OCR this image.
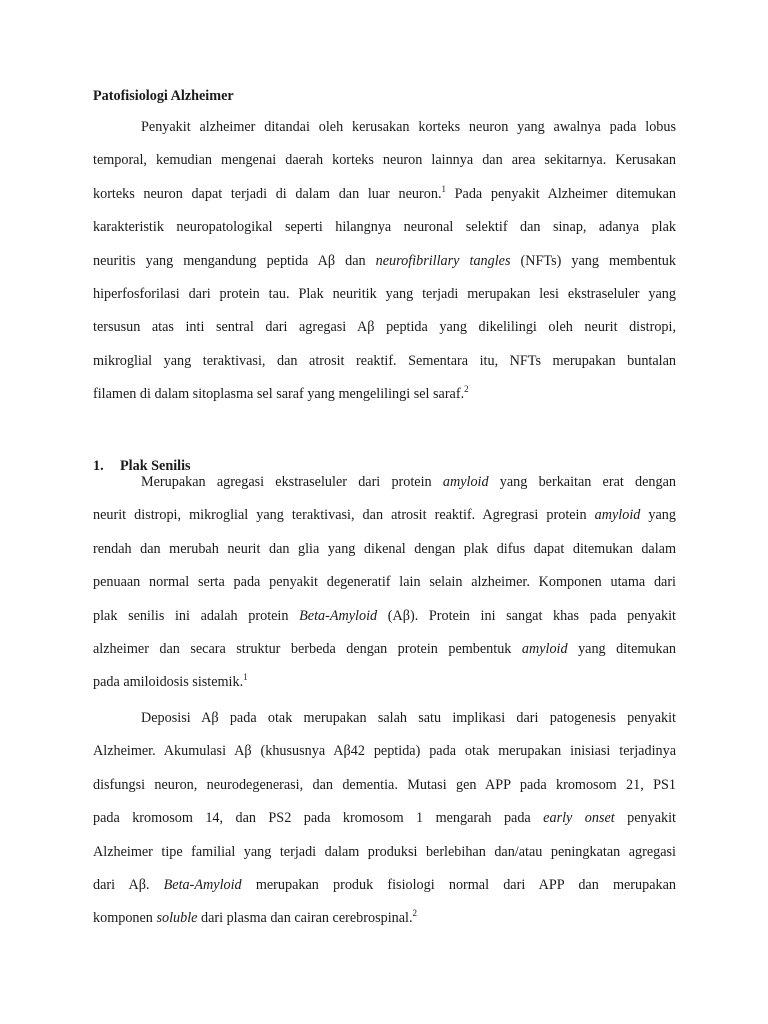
Patofisiologi Alzheimer

Penyakit alzheimer ditandai oleh kerusakan korteks neuron yang awalnya pada lobus
temporal, kemudian mengenai daerah korteks neuron lainnya dan area sekitarnya. Kerusakan
korteks neuron dapat terjadi di dalam dan luar neuron.$^1$ Pada penyakit Alzheimer ditemukan
karakteristik neuropatologikal seperti hilangnya neuronal selektif dan sinap, adanya plak
neuritis yang mengandung peptida Aβ dan neurofibrillary tangles (NFTs) yang membentuk
hiperfosforilasi dari protein tau. Plak neuritik yang terjadi merupakan lesi ekstraseluler yang
tersusun atas inti sentral dari agregasi Aβ peptida yang dikelilingi oleh neurit distropi,
mikroglial yang teraktivasi, dan atrosit reaktif. Sementara itu, NFTs merupakan buntalan
filamen di dalam sitoplasma sel saraf yang mengelilingi sel saraf.$^2$

1. Plak Senilis

Merupakan agregasi ekstraseluler dari protein amyloid yang berkaitan erat dengan
neurit distropi, mikroglial yang teraktivasi, dan atrosit reaktif. Agregrasi protein amyloid yang
rendah dan merubah neurit dan glia yang dikenal dengan plak difus dapat ditemukan dalam
penuaan normal serta pada penyakit degeneratif lain selain alzheimer. Komponen utama dari
plak senilis ini adalah protein Beta-Amyloid (Aβ). Protein ini sangat khas pada penyakit
alzheimer dan secara struktur berbeda dengan protein pembentuk amyloid yang ditemukan
pada amiloidosis sistemik.$^1$
Deposisi Aβ pada otak merupakan salah satu implikasi dari patogenesis penyakit
Alzheimer. Akumulasi Aβ (khususnya Aβ42 peptida) pada otak merupakan inisiasi terjadinya
disfungsi neuron, neurodegenerasi, dan dementia. Mutasi gen APP pada kromosom 21, PS1
pada kromosom 14, dan PS2 pada kromosom 1 mengarah pada early onset penyakit
Alzheimer tipe familial yang terjadi dalam produksi berlebihan dan/atau peningkatan agregasi
dari Aβ. Beta-Amyloid merupakan produk fisiologi normal dari APP dan merupakan
komponen soluble dari plasma dan cairan cerebrospinal.$^2$
